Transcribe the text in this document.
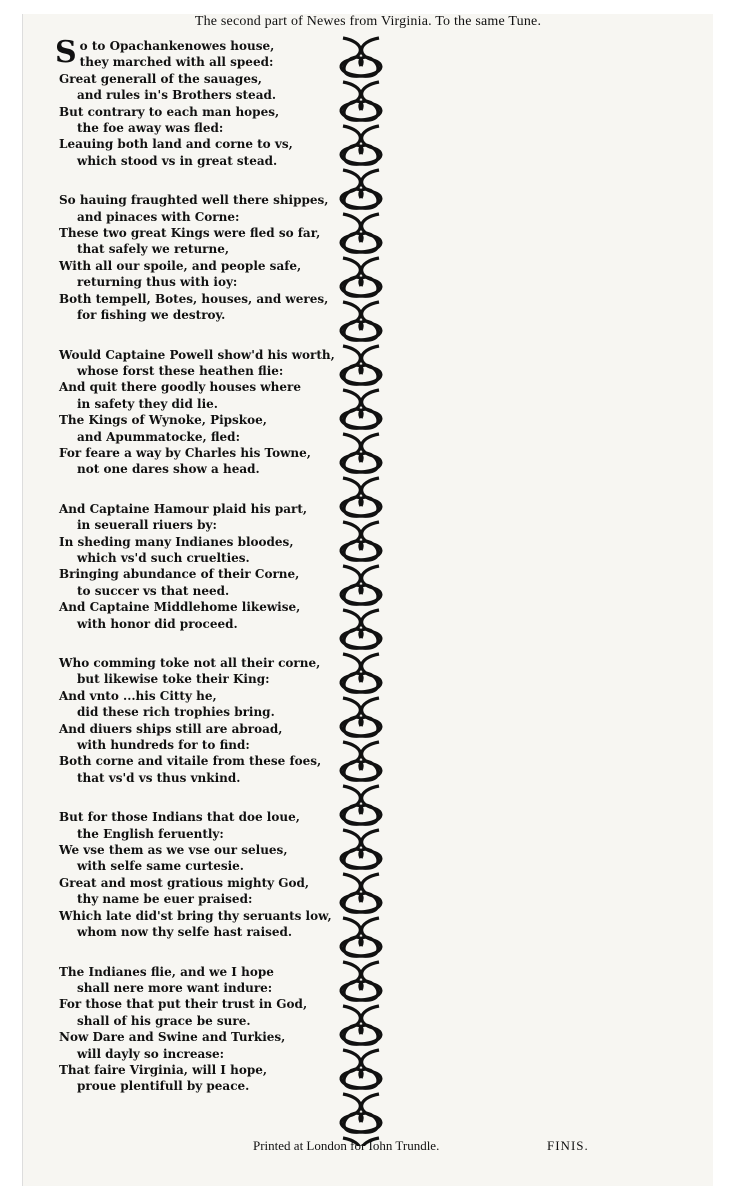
The second part of Newes from Virginia. To the same Tune.
S o to Opachankenowes house,
they marched with all speed:
Great generall of the sauages,
and rules in's Brothers stead.
But contrary to each man hopes,
the foe away was fled:
Leauing both land and corne to vs,
which stood vs in great stead.
So hauing fraughted well there shippes,
and pinaces with Corne:
These two great Kings were fled so far,
that safely we returne,
With all our spoile, and people safe,
returning thus with ioy:
Both tempell, Botes, houses, and weres,
for fishing we destroy.
Would Captaine Powell show'd his worth,
whose forst these heathen flie:
And quit there goodly houses where
in safety they did lie.
The Kings of Wynoke, Pipskoe,
and Apummatocke, fled:
For feare a way by Charles his Towne,
not one dares show a head.
And Captaine Hamour plaid his part,
in seuerall riuers by:
In sheding many Indianes bloodes,
which vs'd such cruelties.
Bringing abundance of their Corne,
to succer vs that need.
And Captaine Middlehome likewise,
with honor did proceed.
Who comming toke not all their corne,
but likewise toke their King:
And vnto ...his Citty he,
did these rich trophies bring.
And diuers ships still are abroad,
with hundreds for to find:
Both corne and vitaile from these foes,
that vs'd vs thus vnkind.
But for those Indians that doe loue,
the English feruently:
We vse them as we vse our selues,
with selfe same curtesie.
Great and most gratious mighty God,
thy name be euer praised:
Which late did'st bring thy seruants low,
whom now thy selfe hast raised.
The Indianes flie, and we I hope
shall nere more want indure:
For those that put their trust in God,
shall of his grace be sure.
Now Dare and Swine and Turkies,
will dayly so increase:
That faire Virginia, will I hope,
proue plentifull by peace.
Printed at London for Iohn Trundle.	FINIS.
